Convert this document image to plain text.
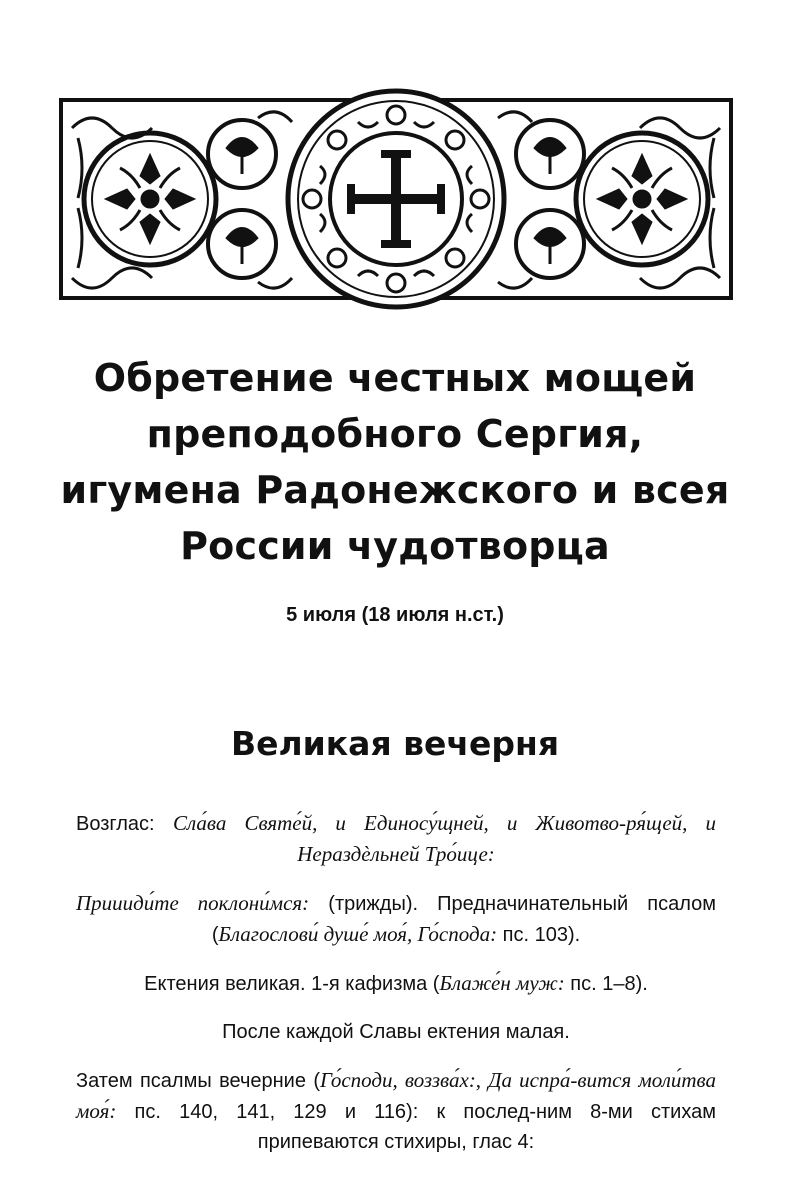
Обретение честных мощей
преподобного Сергия,
игумена Радонежского и всея
России чудотворца
5 июля (18 июля н.ст.)
Великая вечерня

Возглас: Сла́ва Святе́й, и Единосу́щней, и Животво-ря́щей, и Нераздѐльней Тро́ице:

Приииди́те поклони́мся: (трижды). Предначинательный псалом (Благослови́ душе́ моя́, Го́спода: пс. 103).

Ектения великая. 1-я кафизма (Блаже́н муж: пс. 1–8).

После каждой Славы ектения малая.

Затем псалмы вечерние (Го́споди, воззва́х:, Да испра́-вится моли́тва моя́: пс. 140, 141, 129 и 116): к послед-ним 8-ми стихам припеваются стихиры, глас 4:
